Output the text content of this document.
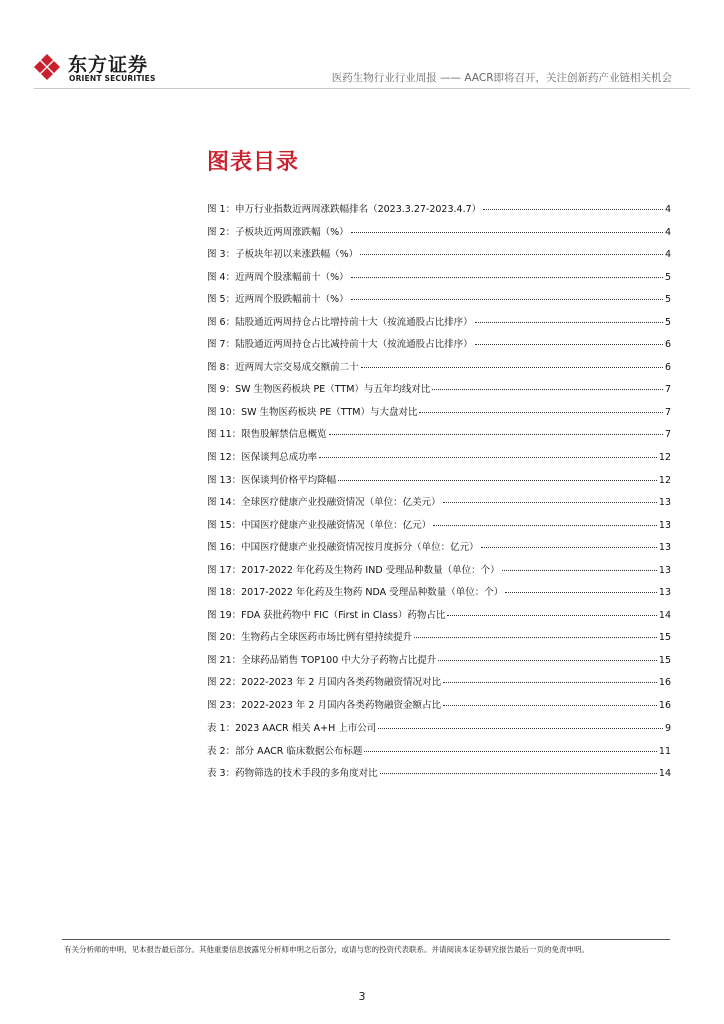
东方证券
ORIENT SECURITIES	医药生物行业行业周报 —— AACR即将召开，关注创新药产业链相关机会
图表目录
图 1：申万行业指数近两周涨跌幅排名（2023.3.27-2023.4.7）	4
图 2：子板块近两周涨跌幅（%）	4
图 3：子板块年初以来涨跌幅（%）	4
图 4：近两周个股涨幅前十（%）	5
图 5：近两周个股跌幅前十（%）	5
图 6：陆股通近两周持仓占比增持前十大（按流通股占比排序）	5
图 7：陆股通近两周持仓占比减持前十大（按流通股占比排序）	6
图 8：近两周大宗交易成交额前二十	6
图 9：SW 生物医药板块 PE（TTM）与五年均线对比	7
图 10：SW 生物医药板块 PE（TTM）与大盘对比	7
图 11：限售股解禁信息概览	7
图 12：医保谈判总成功率	12
图 13：医保谈判价格平均降幅	12
图 14：全球医疗健康产业投融资情况（单位：亿美元）	13
图 15：中国医疗健康产业投融资情况（单位：亿元）	13
图 16：中国医疗健康产业投融资情况按月度拆分（单位：亿元）	13
图 17：2017-2022 年化药及生物药 IND 受理品种数量（单位：个）	13
图 18：2017-2022 年化药及生物药 NDA 受理品种数量（单位：个）	13
图 19：FDA 获批药物中 FIC（First in Class）药物占比	14
图 20：生物药占全球医药市场比例有望持续提升	15
图 21：全球药品销售 TOP100 中大分子药物占比提升	15
图 22：2022-2023 年 2 月国内各类药物融资情况对比	16
图 23：2022-2023 年 2 月国内各类药物融资金额占比	16
表 1：2023 AACR 相关 A+H 上市公司	9
表 2：部分 AACR 临床数据公布标题	11
表 3：药物筛选的技术手段的多角度对比	14
有关分析师的申明，见本报告最后部分。其他重要信息披露见分析师申明之后部分，或请与您的投资代表联系。并请阅读本证券研究报告最后一页的免责申明。
3
